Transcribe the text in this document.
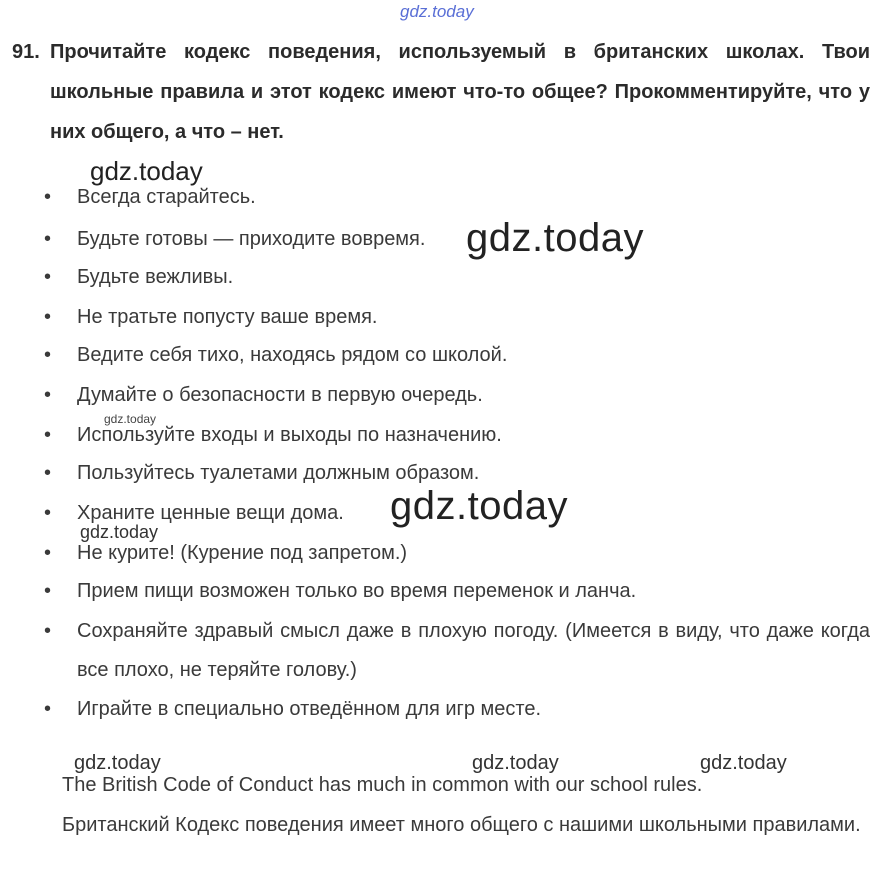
gdz.today
gdz.today
gdz.today
gdz.today
gdz.today
gdz.today
gdz.today	gdz.today	gdz.today
91. Прочитайте кодекс поведения, используемый в британских школах. Твои школьные правила и этот кодекс имеют что-то общее? Прокомментируйте, что у них общего, а что – нет.
• Всегда старайтесь.
• Будьте готовы — приходите вовремя.
• Будьте вежливы.
• Не тратьте попусту ваше время.
• Ведите себя тихо, находясь рядом со школой.
• Думайте о безопасности в первую очередь.
• Используйте входы и выходы по назначению.
• Пользуйтесь туалетами должным образом.
• Храните ценные вещи дома.
• Не курите! (Курение под запретом.)
• Прием пищи возможен только во время переменок и ланча.
• Сохраняйте здравый смысл даже в плохую погоду. (Имеется в виду, что даже когда все плохо, не теряйте голову.)
• Играйте в специально отведённом для игр месте.
The British Code of Conduct has much in common with our school rules.
Британский Кодекс поведения имеет много общего с нашими школьными правилами.
